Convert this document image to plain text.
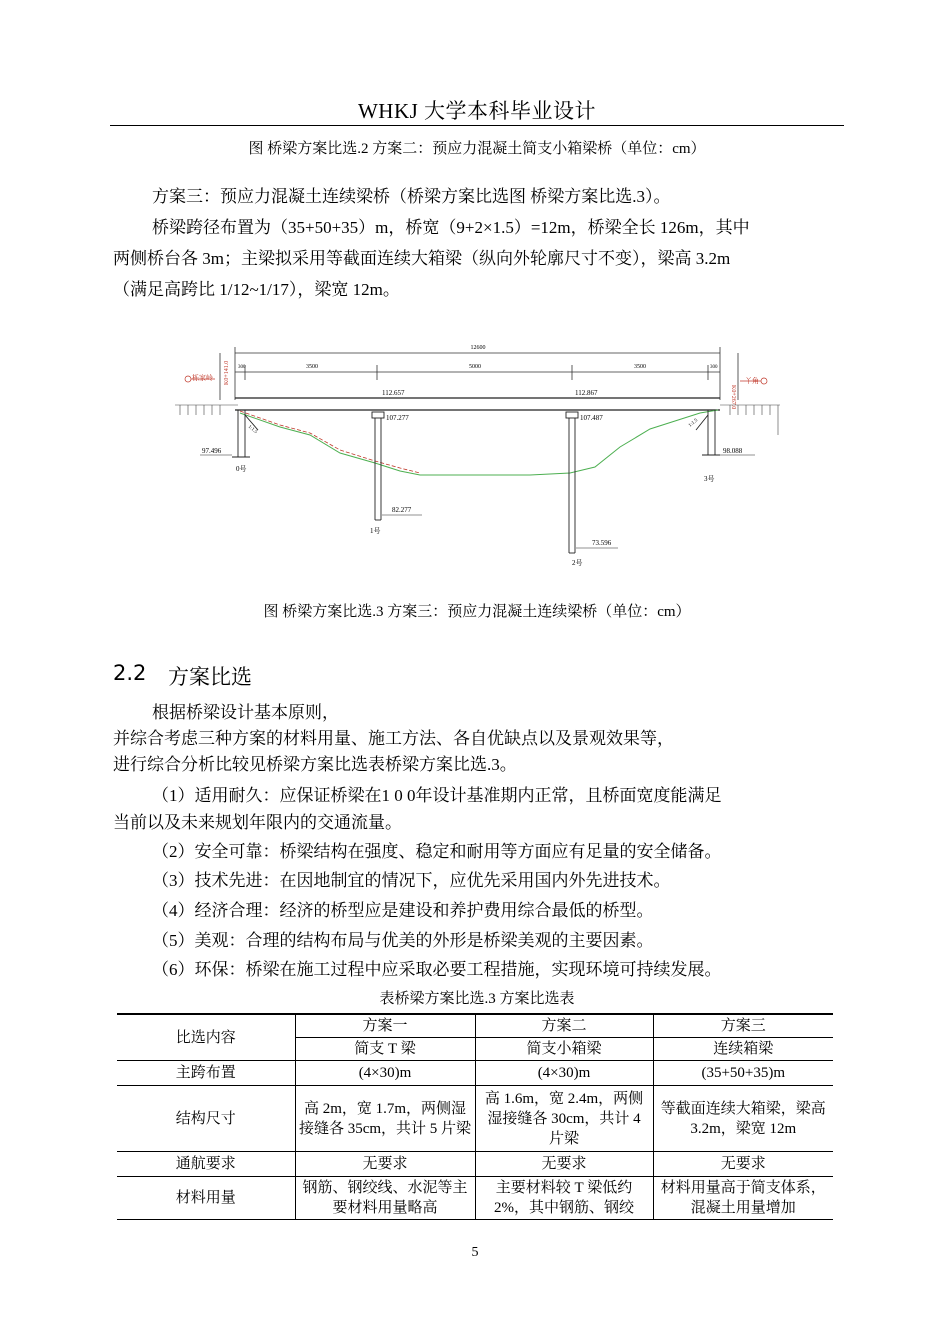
WHKJ 大学本科毕业设计
图 桥梁方案比选.2 方案二：预应力混凝土简支小箱梁桥（单位：cm）
方案三：预应力混凝土连续梁桥（桥梁方案比选图 桥梁方案比选.3）。
桥梁跨径布置为（35+50+35）m，桥宽（9+2×1.5）=12m，桥梁全长 126m，其中
两侧桥台各 3m；主梁拟采用等截面连续大箱梁（纵向外轮廓尺寸不变），梁高 3.2m
（满足高跨比 1/12~1/17），梁宽 12m。
12600
3500	5000	3500
300	300
K0+141.0
K0+267.0
栎家岭	丫角
112.657	112.867
1:1.5
97.496
0号
107.277
82.277
1号
107.487
73.596
2号
1:1.5
98.088
3号
图 桥梁方案比选.3 方案三：预应力混凝土连续梁桥（单位：cm）
2.2 方案比选
根据桥梁设计基本原则，
并综合考虑三种方案的材料用量、施工方法、各自优缺点以及景观效果等，
进行综合分析比较见桥梁方案比选表桥梁方案比选.3。
（1）适用耐久：应保证桥梁在1 0 0年设计基准期内正常，且桥面宽度能满足
当前以及未来规划年限内的交通流量。
（2）安全可靠：桥梁结构在强度、稳定和耐用等方面应有足量的安全储备。
（3）技术先进：在因地制宜的情况下，应优先采用国内外先进技术。
（4）经济合理：经济的桥型应是建设和养护费用综合最低的桥型。
（5）美观：合理的结构布局与优美的外形是桥梁美观的主要因素。
（6）环保：桥梁在施工过程中应采取必要工程措施，实现环境可持续发展。
表桥梁方案比选.3 方案比选表
比选内容	方案一	方案二	方案三
	简支 T 梁	简支小箱梁	连续箱梁
主跨布置	(4×30)m	(4×30)m	(35+50+35)m
结构尺寸	高 2m，宽 1.7m，两侧湿接缝各 35cm，共计 5 片梁	高 1.6m，宽 2.4m，两侧湿接缝各 30cm，共计 4 片梁	等截面连续大箱梁，梁高 3.2m，梁宽 12m
通航要求	无要求	无要求	无要求
材料用量	钢筋、钢绞线、水泥等主要材料用量略高	主要材料较 T 梁低约 2%，其中钢筋、钢绞	材料用量高于简支体系，混凝土用量增加
5
